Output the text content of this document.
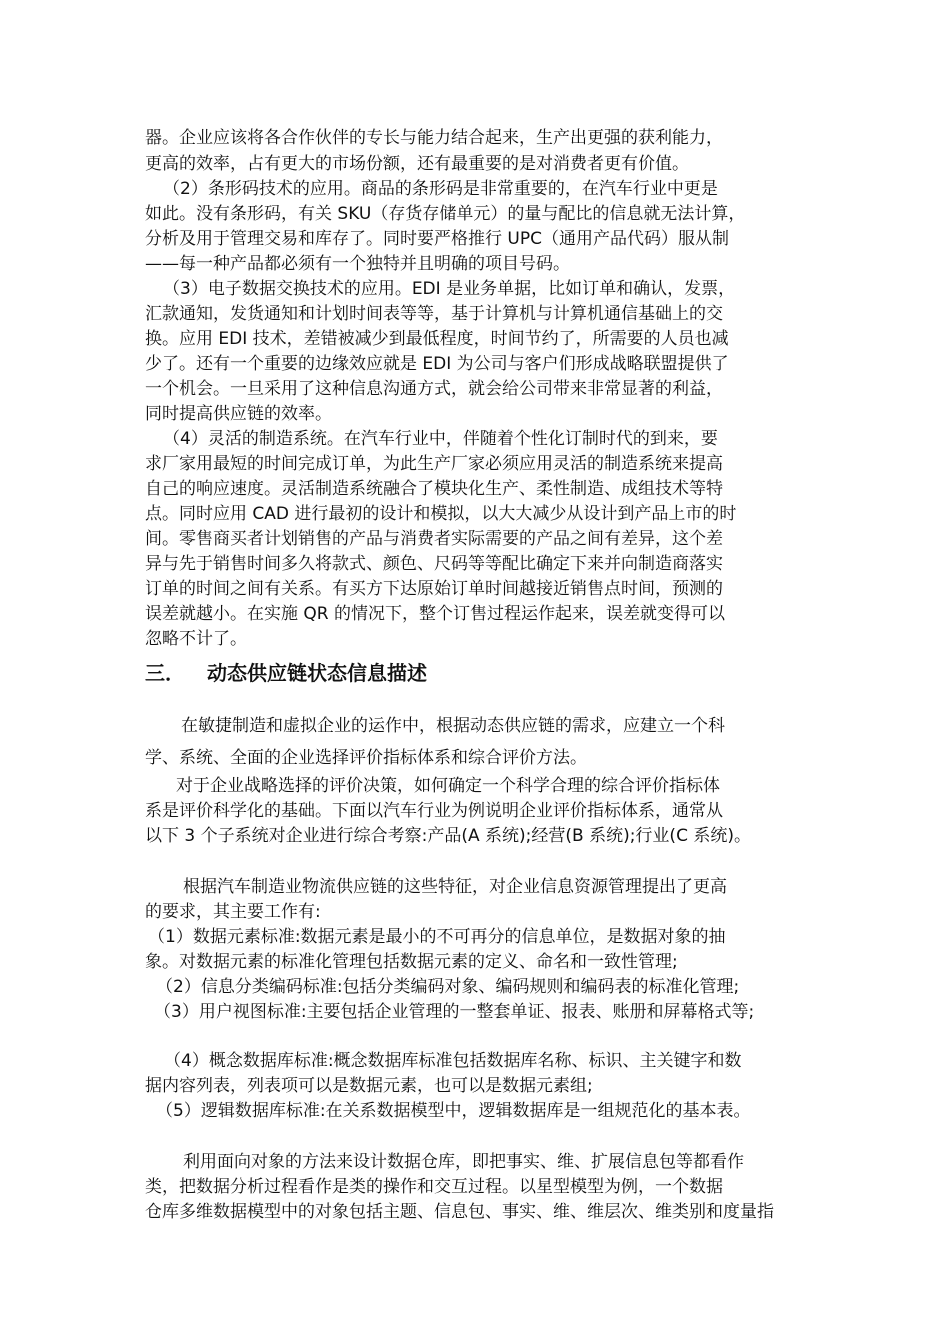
器。企业应该将各合作伙伴的专长与能力结合起来，生产出更强的获利能力，
更高的效率，占有更大的市场份额，还有最重要的是对消费者更有价值。
（2）条形码技术的应用。商品的条形码是非常重要的，在汽车行业中更是
如此。没有条形码，有关 SKU（存货存储单元）的量与配比的信息就无法计算，
分析及用于管理交易和库存了。同时要严格推行 UPC（通用产品代码）服从制
——每一种产品都必须有一个独特并且明确的项目号码。
（3）电子数据交换技术的应用。EDI 是业务单据，比如订单和确认，发票，
汇款通知，发货通知和计划时间表等等，基于计算机与计算机通信基础上的交
换。应用 EDI 技术，差错被减少到最低程度，时间节约了，所需要的人员也减
少了。还有一个重要的边缘效应就是 EDI 为公司与客户们形成战略联盟提供了
一个机会。一旦采用了这种信息沟通方式，就会给公司带来非常显著的利益，
同时提高供应链的效率。
（4）灵活的制造系统。在汽车行业中，伴随着个性化订制时代的到来，要
求厂家用最短的时间完成订单，为此生产厂家必须应用灵活的制造系统来提高
自己的响应速度。灵活制造系统融合了模块化生产、柔性制造、成组技术等特
点。同时应用 CAD 进行最初的设计和模拟，以大大减少从设计到产品上市的时
间。零售商买者计划销售的产品与消费者实际需要的产品之间有差异，这个差
异与先于销售时间多久将款式、颜色、尺码等等配比确定下来并向制造商落实
订单的时间之间有关系。有买方下达原始订单时间越接近销售点时间，预测的
误差就越小。在实施 QR 的情况下，整个订售过程运作起来，误差就变得可以
忽略不计了。
三． 动态供应链状态信息描述
在敏捷制造和虚拟企业的运作中，根据动态供应链的需求，应建立一个科
学、系统、全面的企业选择评价指标体系和综合评价方法。
对于企业战略选择的评价决策，如何确定一个科学合理的综合评价指标体
系是评价科学化的基础。下面以汽车行业为例说明企业评价指标体系，通常从
以下 3 个子系统对企业进行综合考察:产品(A 系统);经营(B 系统);行业(C 系统)。
根据汽车制造业物流供应链的这些特征，对企业信息资源管理提出了更高
的要求，其主要工作有:
（1）数据元素标准:数据元素是最小的不可再分的信息单位，是数据对象的抽
象。对数据元素的标准化管理包括数据元素的定义、命名和一致性管理;
（2）信息分类编码标准:包括分类编码对象、编码规则和编码表的标准化管理;
（3）用户视图标准:主要包括企业管理的一整套单证、报表、账册和屏幕格式等;
（4）概念数据库标准:概念数据库标准包括数据库名称、标识、主关键字和数
据内容列表，列表项可以是数据元素，也可以是数据元素组;
（5）逻辑数据库标准:在关系数据模型中，逻辑数据库是一组规范化的基本表。
利用面向对象的方法来设计数据仓库，即把事实、维、扩展信息包等都看作
类，把数据分析过程看作是类的操作和交互过程。以星型模型为例，一个数据
仓库多维数据模型中的对象包括主题、信息包、事实、维、维层次、维类别和度量指
